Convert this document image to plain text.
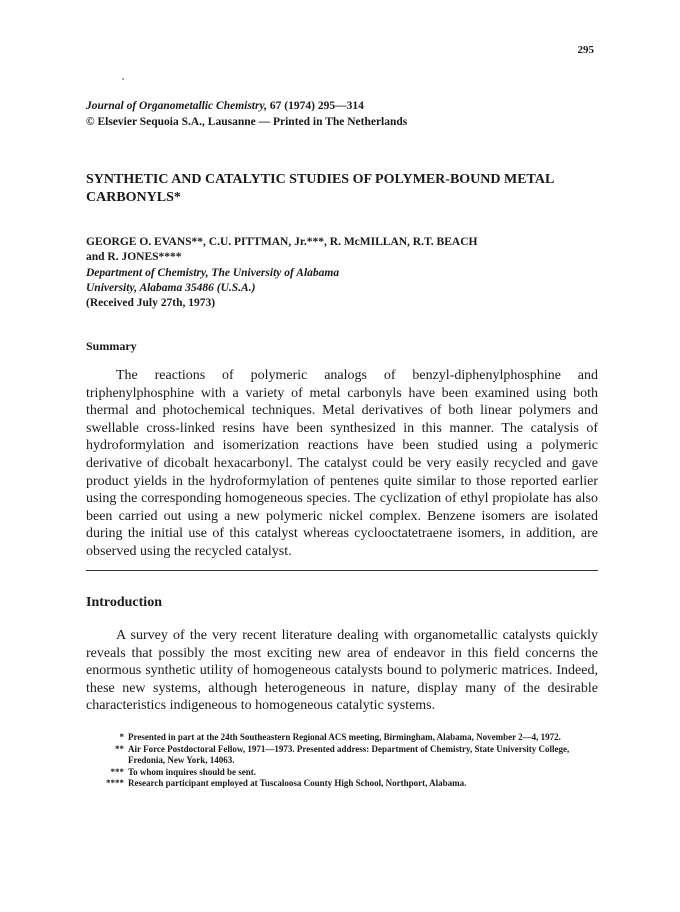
295
Journal of Organometallic Chemistry, 67 (1974) 295—314
© Elsevier Sequoia S.A., Lausanne — Printed in The Netherlands
SYNTHETIC AND CATALYTIC STUDIES OF POLYMER-BOUND METAL CARBONYLS*
GEORGE O. EVANS**, C.U. PITTMAN, Jr.***, R. McMILLAN, R.T. BEACH
and R. JONES****
Department of Chemistry, The University of Alabama
University, Alabama 35486 (U.S.A.)
(Received July 27th, 1973)
Summary

The reactions of polymeric analogs of benzyl-diphenylphosphine and triphenylphosphine with a variety of metal carbonyls have been examined using both thermal and photochemical techniques. Metal derivatives of both linear polymers and swellable cross-linked resins have been synthesized in this manner. The catalysis of hydroformylation and isomerization reactions have been studied using a polymeric derivative of dicobalt hexacarbonyl. The catalyst could be very easily recycled and gave product yields in the hydroformylation of pentenes quite similar to those reported earlier using the corresponding homogeneous species. The cyclization of ethyl propiolate has also been carried out using a new polymeric nickel complex. Benzene isomers are isolated during the initial use of this catalyst whereas cyclooctatetraene isomers, in addition, are observed using the recycled catalyst.

Introduction

A survey of the very recent literature dealing with organometallic catalysts quickly reveals that possibly the most exciting new area of endeavor in this field concerns the enormous synthetic utility of homogeneous catalysts bound to polymeric matrices. Indeed, these new systems, although heterogeneous in nature, display many of the desirable characteristics indigeneous to homogeneous catalytic systems.

* Presented in part at the 24th Southeastern Regional ACS meeting, Birmingham, Alabama, November 2—4, 1972.
** Air Force Postdoctoral Fellow, 1971—1973. Presented address: Department of Chemistry, State University College, Fredonia, New York, 14063.
*** To whom inquires should be sent.
**** Research participant employed at Tuscaloosa County High School, Northport, Alabama.
